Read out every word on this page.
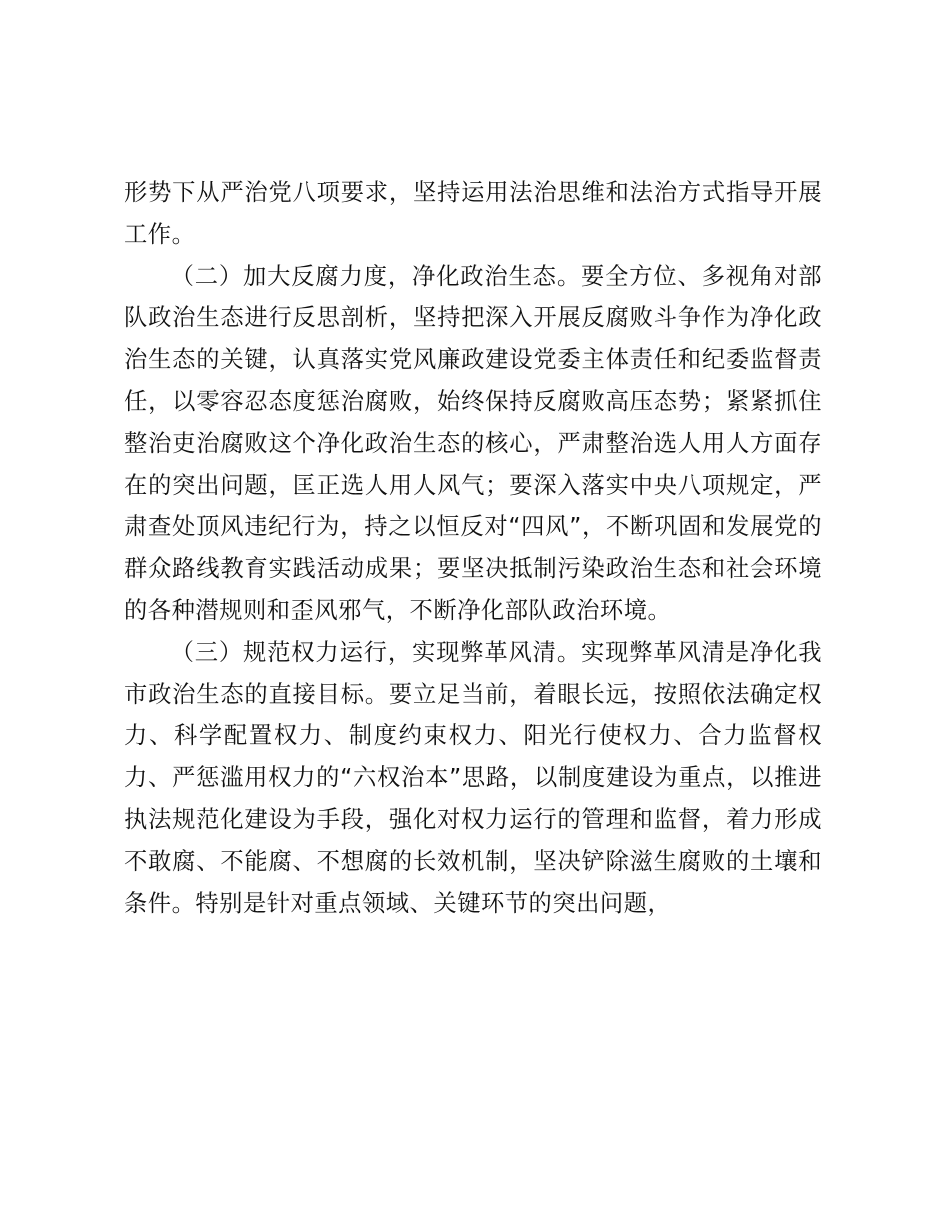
形势下从严治党八项要求，坚持运用法治思维和法治方式指导开展工作。

（二）加大反腐力度，净化政治生态。要全方位、多视角对部队政治生态进行反思剖析，坚持把深入开展反腐败斗争作为净化政治生态的关键，认真落实党风廉政建设党委主体责任和纪委监督责任，以零容忍态度惩治腐败，始终保持反腐败高压态势；紧紧抓住整治吏治腐败这个净化政治生态的核心，严肃整治选人用人方面存在的突出问题，匡正选人用人风气；要深入落实中央八项规定，严肃查处顶风违纪行为，持之以恒反对“四风”，不断巩固和发展党的群众路线教育实践活动成果；要坚决抵制污染政治生态和社会环境的各种潜规则和歪风邪气，不断净化部队政治环境。

（三）规范权力运行，实现弊革风清。实现弊革风清是净化我市政治生态的直接目标。要立足当前，着眼长远，按照依法确定权力、科学配置权力、制度约束权力、阳光行使权力、合力监督权力、严惩滥用权力的“六权治本”思路，以制度建设为重点，以推进执法规范化建设为手段，强化对权力运行的管理和监督，着力形成不敢腐、不能腐、不想腐的长效机制，坚决铲除滋生腐败的土壤和条件。特别是针对重点领域、关键环节的突出问题，
